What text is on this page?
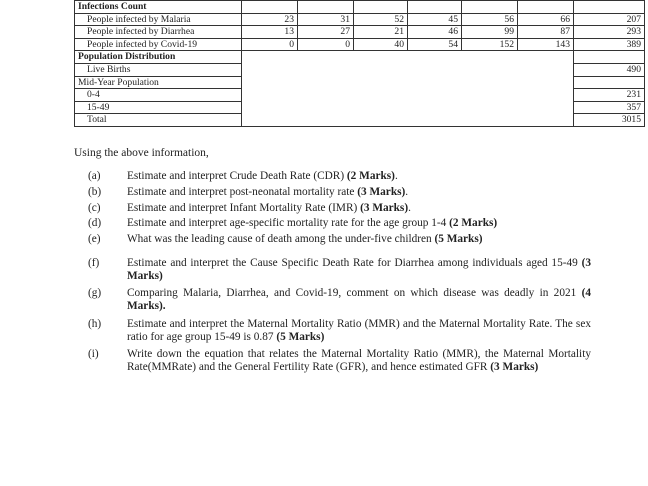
Infections Count							
People infected by Malaria	23	31	52	45	56	66	207
People infected by Diarrhea	13	27	21	46	99	87	293
People infected by Covid-19	0	0	40	54	152	143	389
Population Distribution							
Live Births							490
Mid-Year Population							
0-4							231
15-49							357
Total							3015
Using the above information,
(a) Estimate and interpret Crude Death Rate (CDR) (2 Marks).
(b) Estimate and interpret post-neonatal mortality rate (3 Marks).
(c) Estimate and interpret Infant Mortality Rate (IMR) (3 Marks).
(d) Estimate and interpret age-specific mortality rate for the age group 1-4 (2 Marks)
(e) What was the leading cause of death among the under-five children (5 Marks)
(f) Estimate and interpret the Cause Specific Death Rate for Diarrhea among individuals aged 15-49 (3 Marks)
(g) Comparing Malaria, Diarrhea, and Covid-19, comment on which disease was deadly in 2021 (4 Marks).
(h) Estimate and interpret the Maternal Mortality Ratio (MMR) and the Maternal Mortality Rate. The sex ratio for age group 15-49 is 0.87 (5 Marks)
(i)	Write down the equation that relates the Maternal Mortality Ratio (MMR), the Maternal Mortality Rate(MMRate) and the General Fertility Rate (GFR), and hence estimated GFR (3 Marks)
